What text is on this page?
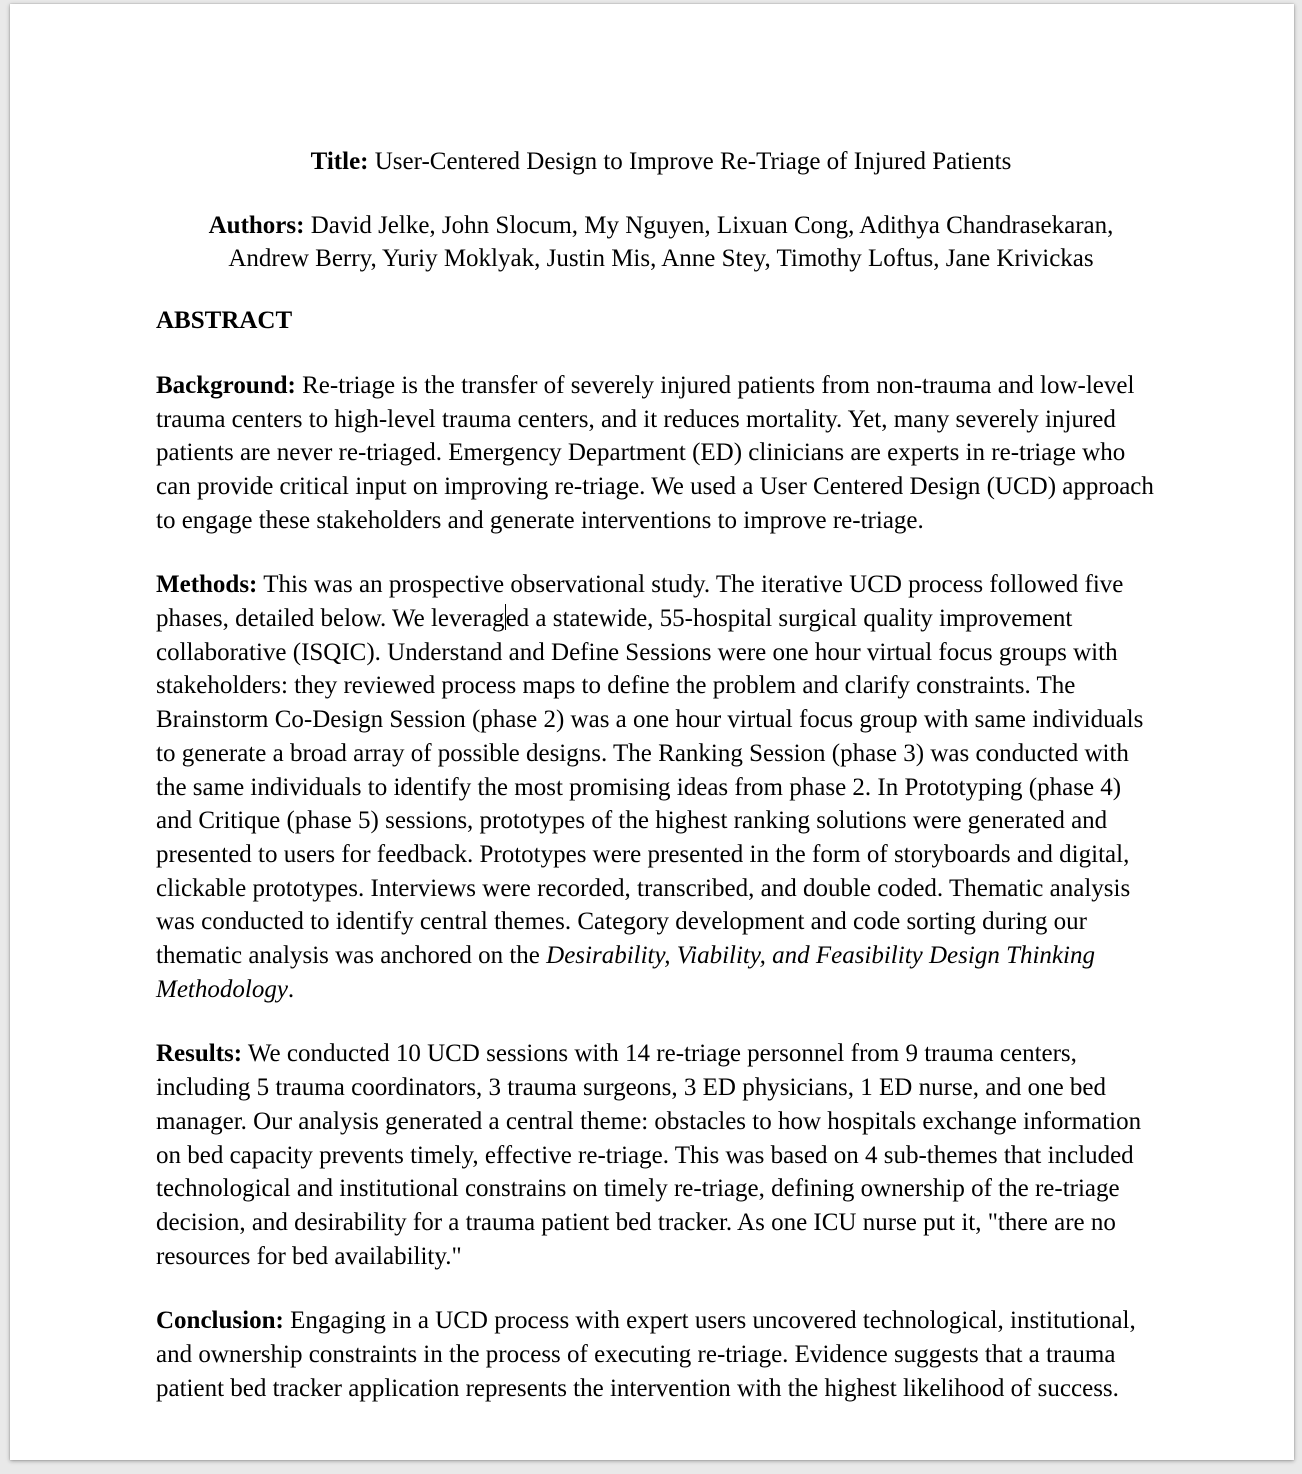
Title: User-Centered Design to Improve Re-Triage of Injured Patients
Authors: David Jelke, John Slocum, My Nguyen, Lixuan Cong, Adithya Chandrasekaran,
Andrew Berry, Yuriy Moklyak, Justin Mis, Anne Stey, Timothy Loftus, Jane Krivickas
ABSTRACT

Background: Re-triage is the transfer of severely injured patients from non-trauma and low-level trauma centers to high-level trauma centers, and it reduces mortality. Yet, many severely injured patients are never re-triaged. Emergency Department (ED) clinicians are experts in re-triage who can provide critical input on improving re-triage. We used a User Centered Design (UCD) approach to engage these stakeholders and generate interventions to improve re-triage.

Methods: This was an prospective observational study. The iterative UCD process followed five phases, detailed below. We leveraged a statewide, 55-hospital surgical quality improvement collaborative (ISQIC). Understand and Define Sessions were one hour virtual focus groups with stakeholders: they reviewed process maps to define the problem and clarify constraints. The Brainstorm Co-Design Session (phase 2) was a one hour virtual focus group with same individuals to generate a broad array of possible designs. The Ranking Session (phase 3) was conducted with the same individuals to identify the most promising ideas from phase 2. In Prototyping (phase 4) and Critique (phase 5) sessions, prototypes of the highest ranking solutions were generated and presented to users for feedback. Prototypes were presented in the form of storyboards and digital, clickable prototypes. Interviews were recorded, transcribed, and double coded. Thematic analysis was conducted to identify central themes. Category development and code sorting during our thematic analysis was anchored on the Desirability, Viability, and Feasibility Design Thinking Methodology.

Results: We conducted 10 UCD sessions with 14 re-triage personnel from 9 trauma centers, including 5 trauma coordinators, 3 trauma surgeons, 3 ED physicians, 1 ED nurse, and one bed manager. Our analysis generated a central theme: obstacles to how hospitals exchange information on bed capacity prevents timely, effective re-triage. This was based on 4 sub-themes that included technological and institutional constrains on timely re-triage, defining ownership of the re-triage decision, and desirability for a trauma patient bed tracker. As one ICU nurse put it, "there are no resources for bed availability."

Conclusion: Engaging in a UCD process with expert users uncovered technological, institutional, and ownership constraints in the process of executing re-triage. Evidence suggests that a trauma patient bed tracker application represents the intervention with the highest likelihood of success.
